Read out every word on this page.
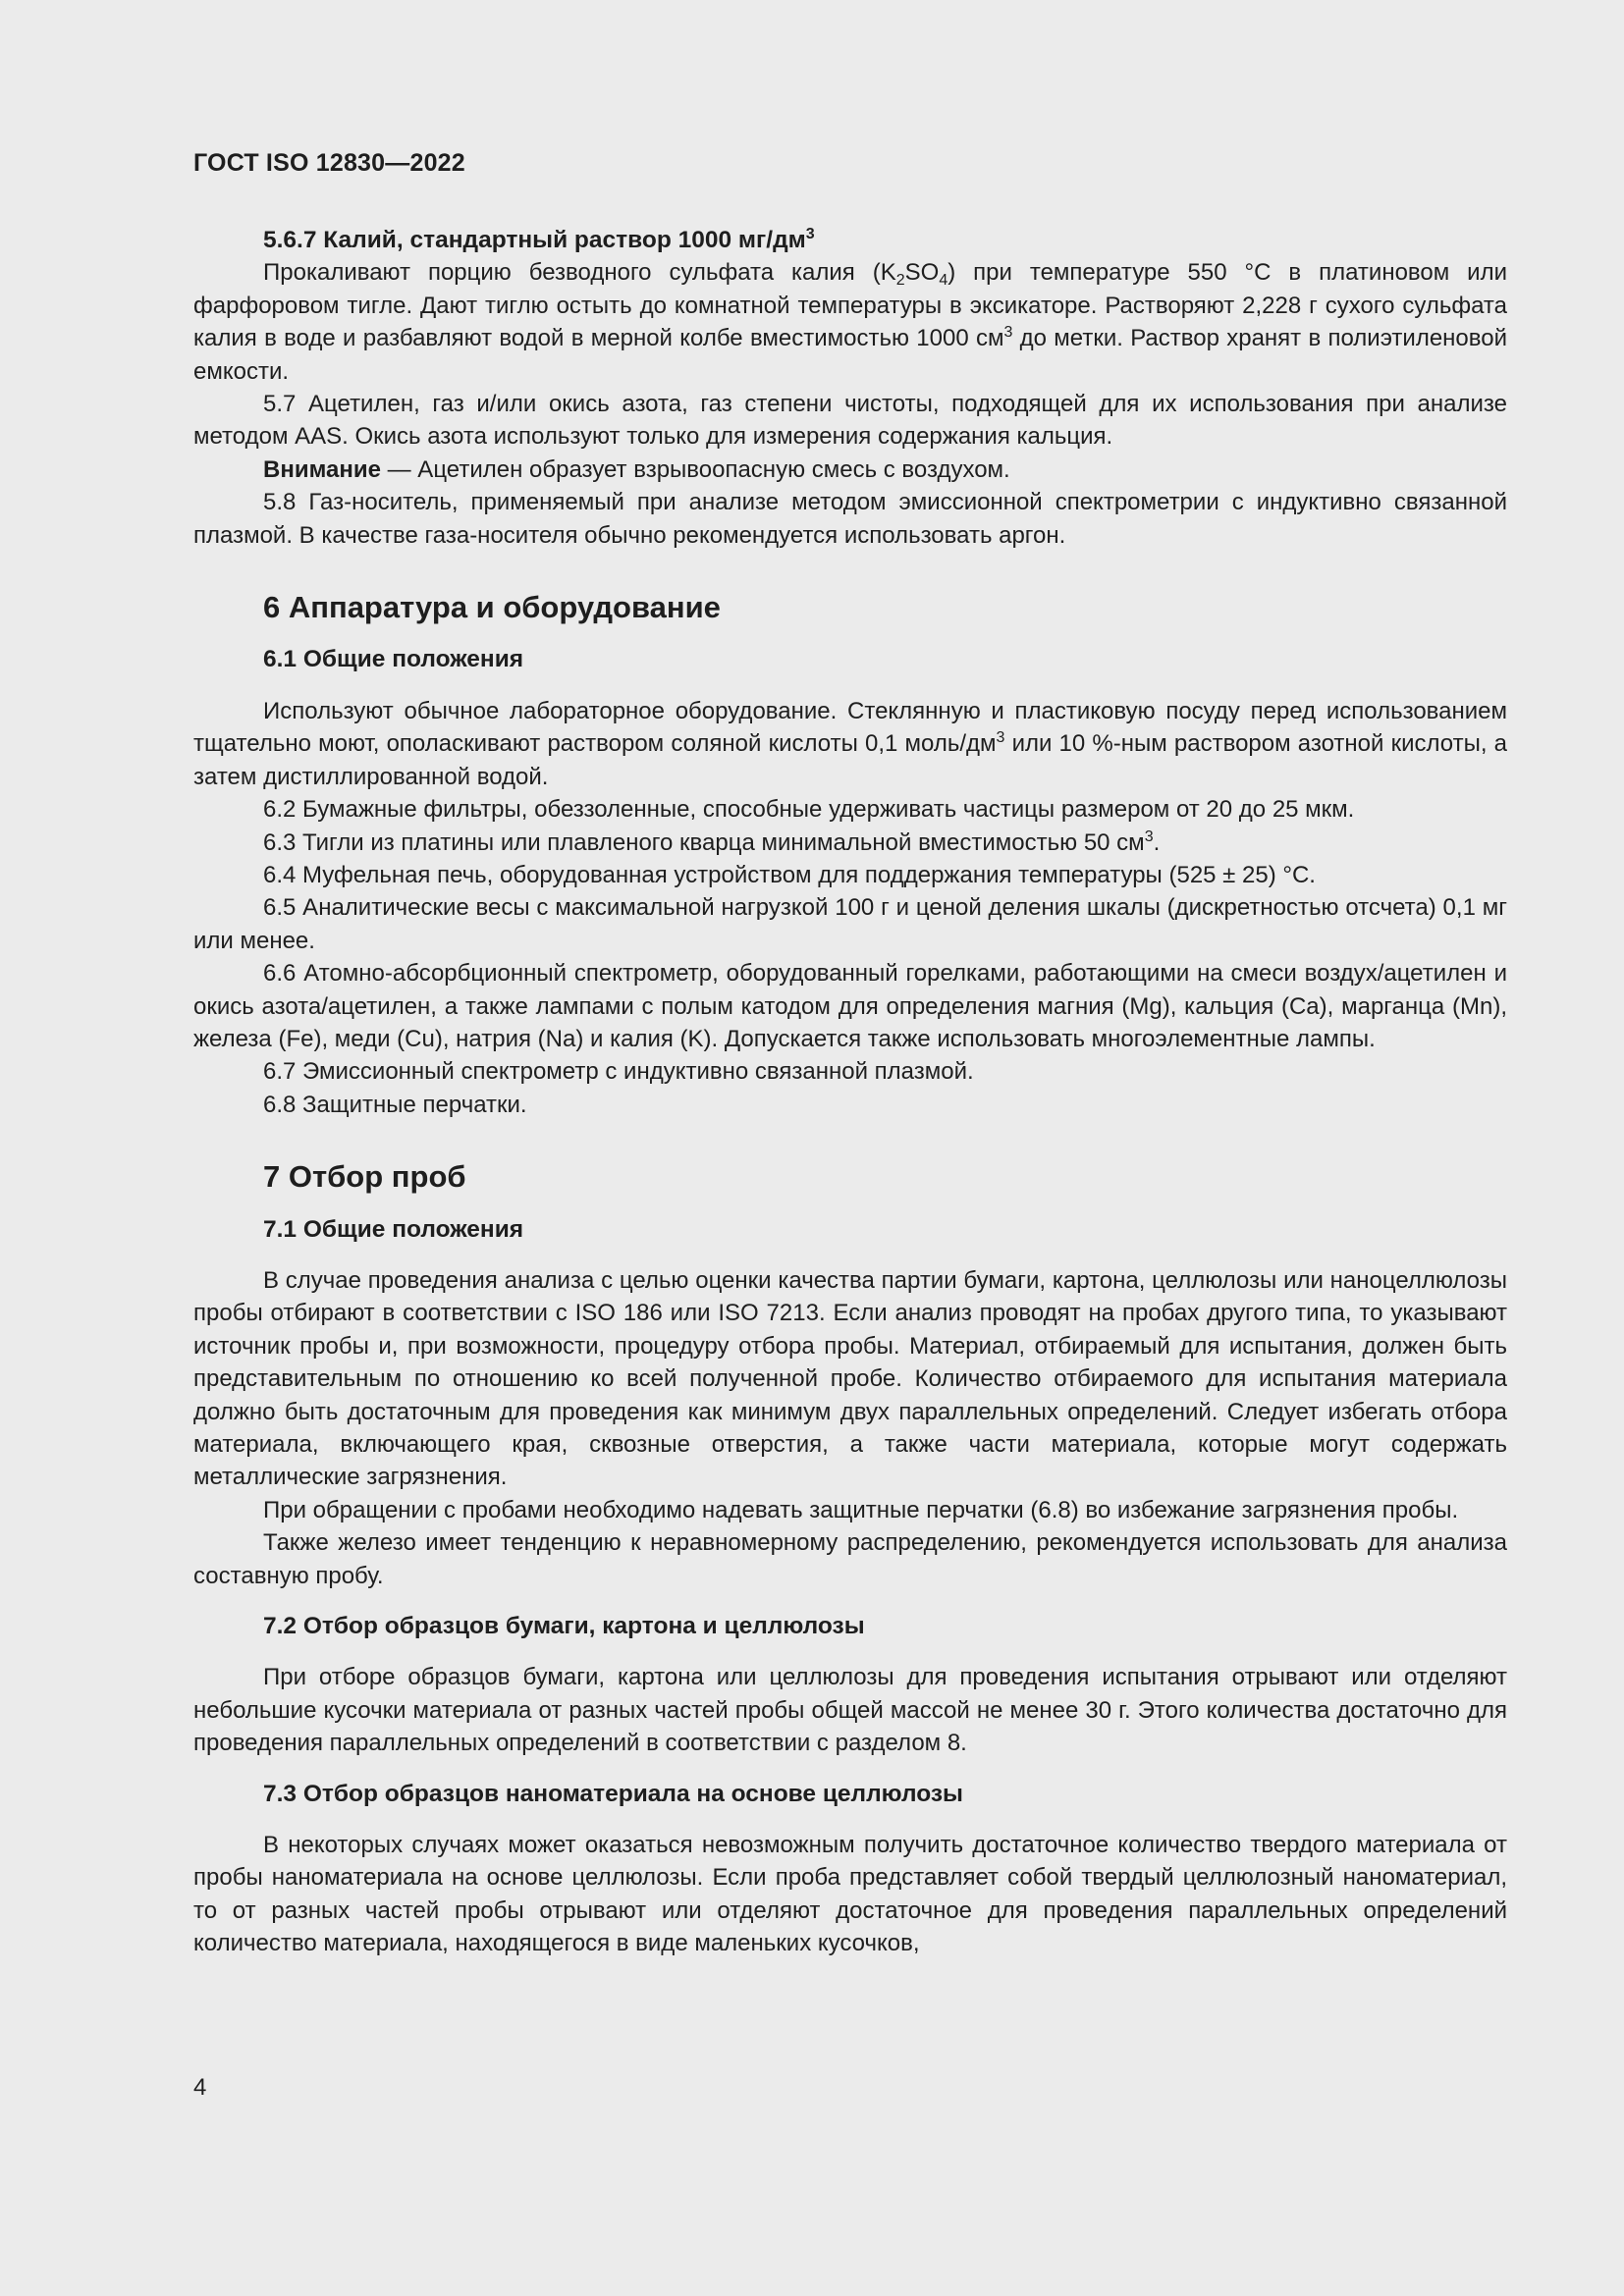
ГОСТ ISO 12830—2022
5.6.7 Калий, стандартный раствор 1000 $мг/дм^3$

Прокаливают порцию безводного сульфата калия $(K_2SO_4)$ при температуре 550 °C в платиновом или фарфоровом тигле. Дают тиглю остыть до комнатной температуры в эксикаторе. Растворяют 2,228 г сухого сульфата калия в воде и разбавляют водой в мерной колбе вместимостью 1000 $см^3$ до метки. Раствор хранят в полиэтиленовой емкости.

5.7 Ацетилен, газ и/или окись азота, газ степени чистоты, подходящей для их использования при анализе методом AAS. Окись азота используют только для измерения содержания кальция.

Внимание — Ацетилен образует взрывоопасную смесь с воздухом.

5.8 Газ-носитель, применяемый при анализе методом эмиссионной спектрометрии с индуктивно связанной плазмой. В качестве газа-носителя обычно рекомендуется использовать аргон.

6 Аппаратура и оборудование
6.1 Общие положения

Используют обычное лабораторное оборудование. Стеклянную и пластиковую посуду перед использованием тщательно моют, ополаскивают раствором соляной кислоты 0,1 моль/$дм^3$ или 10 %-ным раствором азотной кислоты, а затем дистиллированной водой.

6.2 Бумажные фильтры, обеззоленные, способные удерживать частицы размером от 20 до 25 мкм.

6.3 Тигли из платины или плавленого кварца минимальной вместимостью 50 $см^3$.

6.4 Муфельная печь, оборудованная устройством для поддержания температуры (525 ± 25) °C.

6.5 Аналитические весы с максимальной нагрузкой 100 г и ценой деления шкалы (дискретностью отсчета) 0,1 мг или менее.

6.6 Атомно-абсорбционный спектрометр, оборудованный горелками, работающими на смеси воздух/ацетилен и окись азота/ацетилен, а также лампами с полым катодом для определения магния (Mg), кальция (Ca), марганца (Mn), железа (Fe), меди (Cu), натрия (Na) и калия (K). Допускается также использовать многоэлементные лампы.

6.7 Эмиссионный спектрометр с индуктивно связанной плазмой.

6.8 Защитные перчатки.

7 Отбор проб
7.1 Общие положения

В случае проведения анализа с целью оценки качества партии бумаги, картона, целлюлозы или наноцеллюлозы пробы отбирают в соответствии с ISO 186 или ISO 7213. Если анализ проводят на пробах другого типа, то указывают источник пробы и, при возможности, процедуру отбора пробы. Материал, отбираемый для испытания, должен быть представительным по отношению ко всей полученной пробе. Количество отбираемого для испытания материала должно быть достаточным для проведения как минимум двух параллельных определений. Следует избегать отбора материала, включающего края, сквозные отверстия, а также части материала, которые могут содержать металлические загрязнения.

При обращении с пробами необходимо надевать защитные перчатки (6.8) во избежание загрязнения пробы.

Также железо имеет тенденцию к неравномерному распределению, рекомендуется использовать для анализа составную пробу.

7.2 Отбор образцов бумаги, картона и целлюлозы

При отборе образцов бумаги, картона или целлюлозы для проведения испытания отрывают или отделяют небольшие кусочки материала от разных частей пробы общей массой не менее 30 г. Этого количества достаточно для проведения параллельных определений в соответствии с разделом 8.

7.3 Отбор образцов наноматериала на основе целлюлозы

В некоторых случаях может оказаться невозможным получить достаточное количество твердого материала от пробы наноматериала на основе целлюлозы. Если проба представляет собой твердый целлюлозный наноматериал, то от разных частей пробы отрывают или отделяют достаточное для проведения параллельных определений количество материала, находящегося в виде маленьких кусочков,

4
